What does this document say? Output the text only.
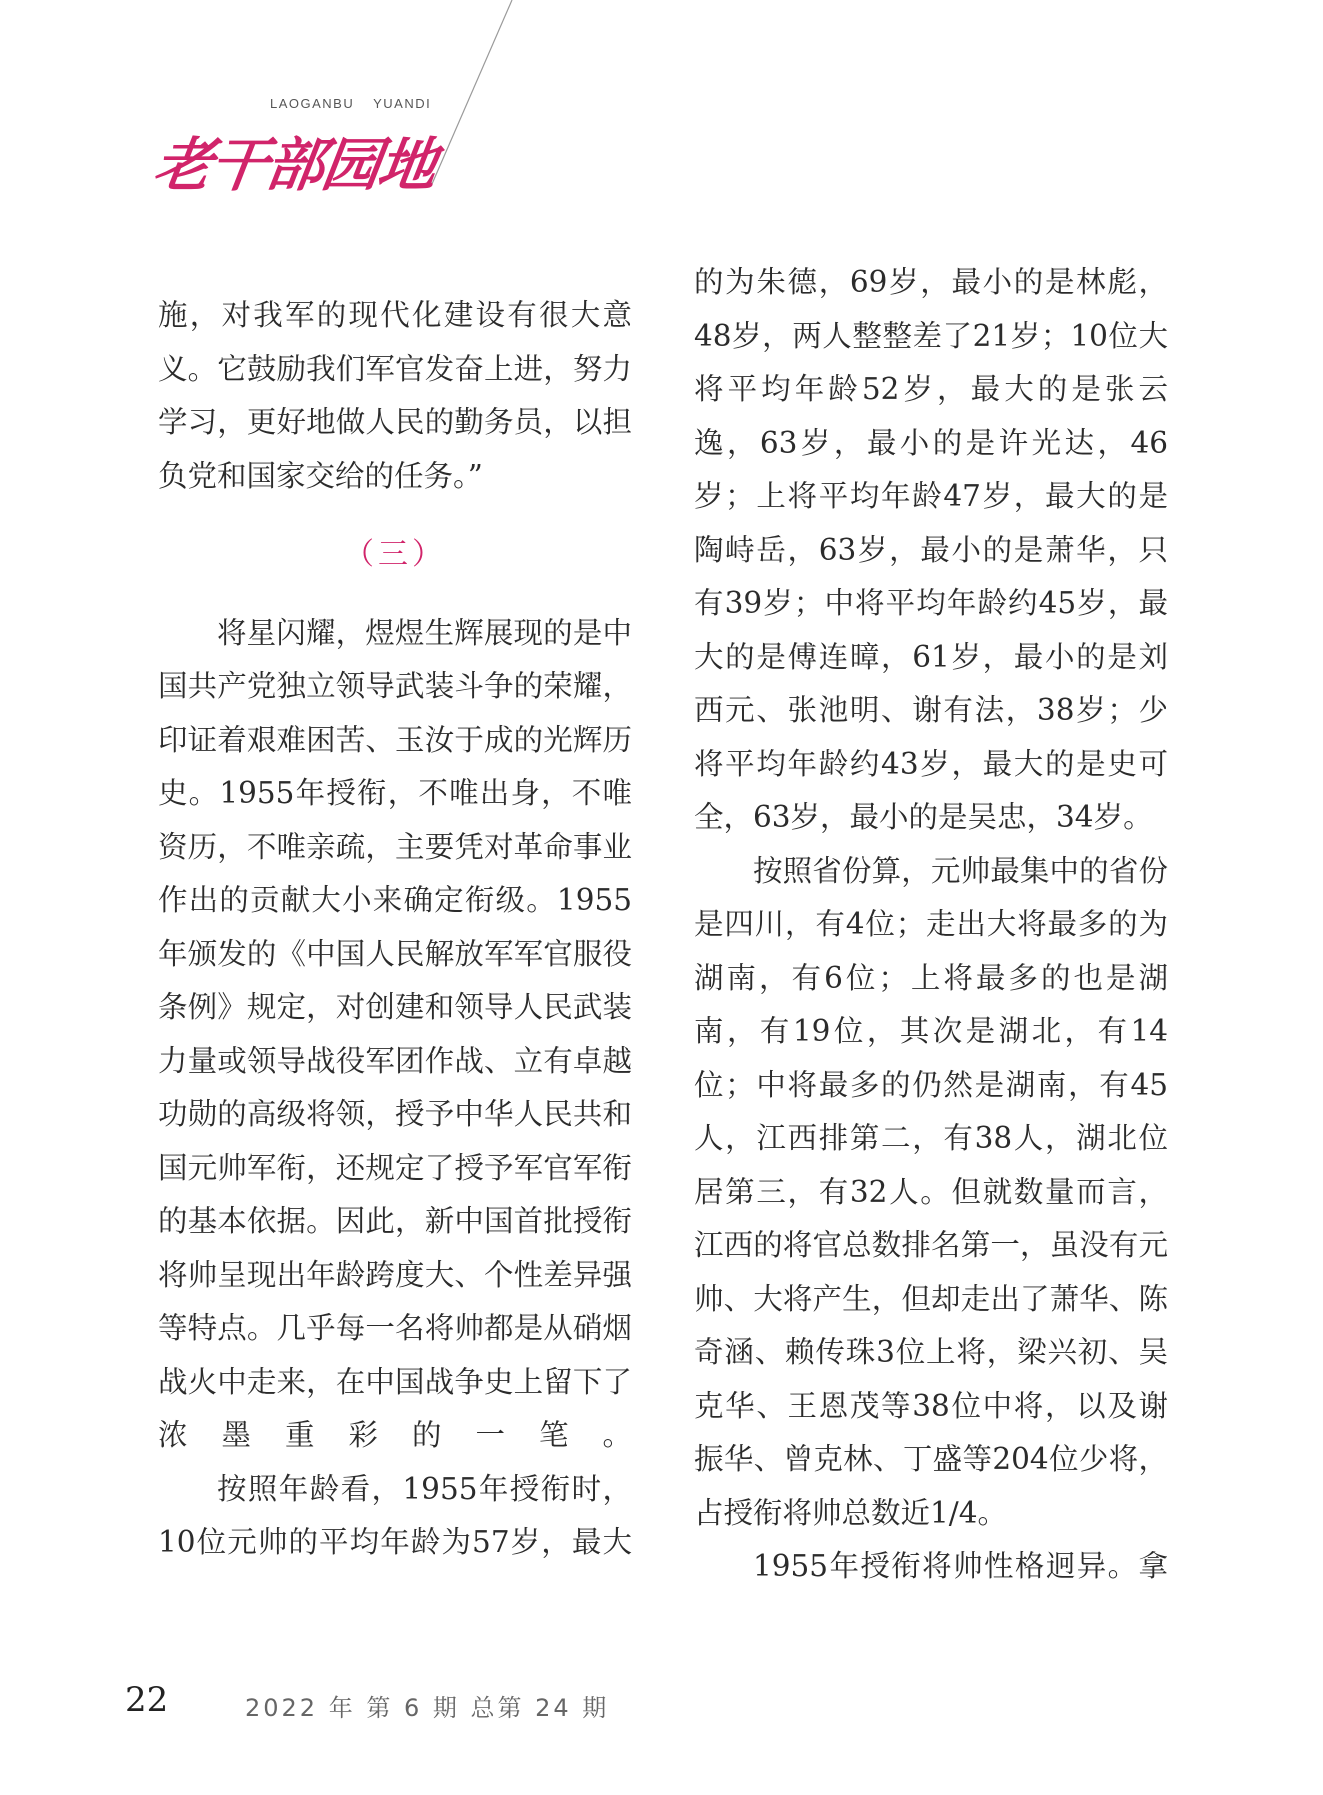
LAOGANBU YUANDI
老干部园地

施，对我军的现代化建设有很大意义。它鼓励我们军官发奋上进，努力学习，更好地做人民的勤务员，以担负党和国家交给的任务。”

（三）

将星闪耀，煜煜生辉展现的是中国共产党独立领导武装斗争的荣耀，印证着艰难困苦、玉汝于成的光辉历史。1955年授衔，不唯出身，不唯资历，不唯亲疏，主要凭对革命事业作出的贡献大小来确定衔级。1955年颁发的《中国人民解放军军官服役条例》规定，对创建和领导人民武装力量或领导战役军团作战、立有卓越功勋的高级将领，授予中华人民共和国元帅军衔，还规定了授予军官军衔的基本依据。因此，新中国首批授衔将帅呈现出年龄跨度大、个性差异强等特点。几乎每一名将帅都是从硝烟战火中走来，在中国战争史上留下了浓墨重彩的一笔。

按照年龄看，1955年授衔时，10位元帅的平均年龄为57岁，最大

的为朱德，69岁，最小的是林彪，48岁，两人整整差了21岁；10位大将平均年龄52岁，最大的是张云逸，63岁，最小的是许光达，46岁；上将平均年龄47岁，最大的是陶峙岳，63岁，最小的是萧华，只有39岁；中将平均年龄约45岁，最大的是傅连暲，61岁，最小的是刘西元、张池明、谢有法，38岁；少将平均年龄约43岁，最大的是史可全，63岁，最小的是吴忠，34岁。

按照省份算，元帅最集中的省份是四川，有4位；走出大将最多的为湖南，有6位；上将最多的也是湖南，有19位，其次是湖北，有14位；中将最多的仍然是湖南，有45人，江西排第二，有38人，湖北位居第三，有32人。但就数量而言，江西的将官总数排名第一，虽没有元帅、大将产生，但却走出了萧华、陈奇涵、赖传珠3位上将，梁兴初、吴克华、王恩茂等38位中将，以及谢振华、曾克林、丁盛等204位少将，占授衔将帅总数近1/4。

1955年授衔将帅性格迥异。拿

22	2022 年 第 6 期 总第 24 期
